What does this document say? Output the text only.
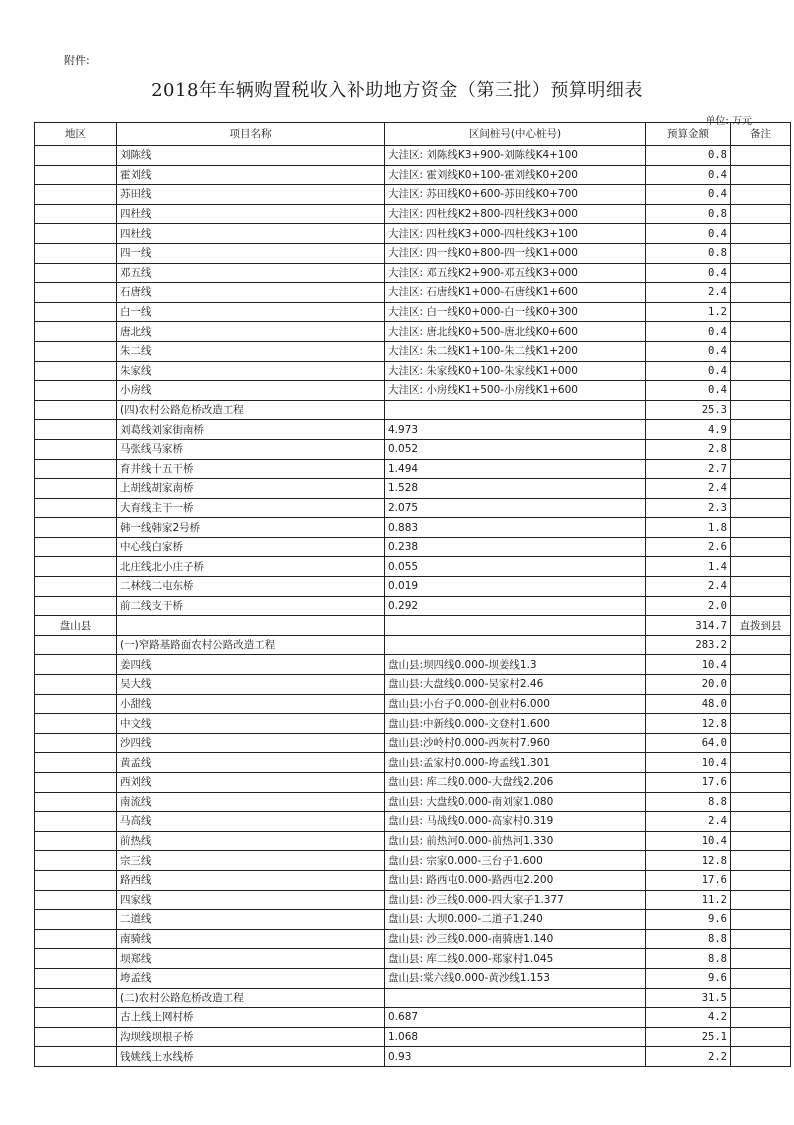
附件:
2018年车辆购置税收入补助地方资金（第三批）预算明细表
单位: 万元
地区	项目名称	区间桩号(中心桩号)	预算金额	备注
	刘陈线	大洼区: 刘陈线K3+900-刘陈线K4+100	0.8	
	霍刘线	大洼区: 霍刘线K0+100-霍刘线K0+200	0.4	
	苏田线	大洼区: 苏田线K0+600-苏田线K0+700	0.4	
	四杜线	大洼区: 四杜线K2+800-四杜线K3+000	0.8	
	四杜线	大洼区: 四杜线K3+000-四杜线K3+100	0.4	
	四一线	大洼区: 四一线K0+800-四一线K1+000	0.8	
	邓五线	大洼区: 邓五线K2+900-邓五线K3+000	0.4	
	石唐线	大洼区: 石唐线K1+000-石唐线K1+600	2.4	
	白一线	大洼区: 白一线K0+000-白一线K0+300	1.2	
	唐北线	大洼区: 唐北线K0+500-唐北线K0+600	0.4	
	朱二线	大洼区: 朱二线K1+100-朱二线K1+200	0.4	
	朱家线	大洼区: 朱家线K0+100-朱家线K1+000	0.4	
	小房线	大洼区: 小房线K1+500-小房线K1+600	0.4	
	(四)农村公路危桥改造工程		25.3	
	刘葛线刘家街南桥	4.973	4.9	
	马张线马家桥	0.052	2.8	
	育井线十五干桥	1.494	2.7	
	上胡线胡家南桥	1.528	2.4	
	大育线主干一桥	2.075	2.3	
	韩一线韩家2号桥	0.883	1.8	
	中心线白家桥	0.238	2.6	
	北庄线北小庄子桥	0.055	1.4	
	二林线二屯东桥	0.019	2.4	
	前二线支干桥	0.292	2.0	
盘山县			314.7	直拨到县
	(一)窄路基路面农村公路改造工程		283.2	
	姜四线	盘山县:坝四线0.000-坝姜线1.3	10.4	
	吴大线	盘山县:大盘线0.000-吴家村2.46	20.0	
	小甜线	盘山县:小台子0.000-创业村6.000	48.0	
	中文线	盘山县:中新线0.000-文登村1.600	12.8	
	沙四线	盘山县:沙岭村0.000-西灰村7.960	64.0	
	黄孟线	盘山县:孟家村0.000-垮孟线1.301	10.4	
	西刘线	盘山县: 库二线0.000-大盘线2.206	17.6	
	南流线	盘山县: 大盘线0.000-南刘家1.080	8.8	
	马高线	盘山县: 马战线0.000-高家村0.319	2.4	
	前热线	盘山县: 前热河0.000-前热河1.330	10.4	
	宗三线	盘山县: 宗家0.000-三台子1.600	12.8	
	路西线	盘山县: 路西屯0.000-路西屯2.200	17.6	
	四家线	盘山县: 沙三线0.000-四大家子1.377	11.2	
	二道线	盘山县: 大坝0.000-二道子1.240	9.6	
	南骑线	盘山县: 沙三线0.000-南骑唐1.140	8.8	
	坝郑线	盘山县: 库二线0.000-郑家村1.045	8.8	
	垮孟线	盘山县:棠六线0.000-黄沙线1.153	9.6	
	(二)农村公路危桥改造工程		31.5	
	古上线上网村桥	0.687	4.2	
	沟坝线坝根子桥	1.068	25.1	
	钱姚线上水线桥	0.93	2.2	
